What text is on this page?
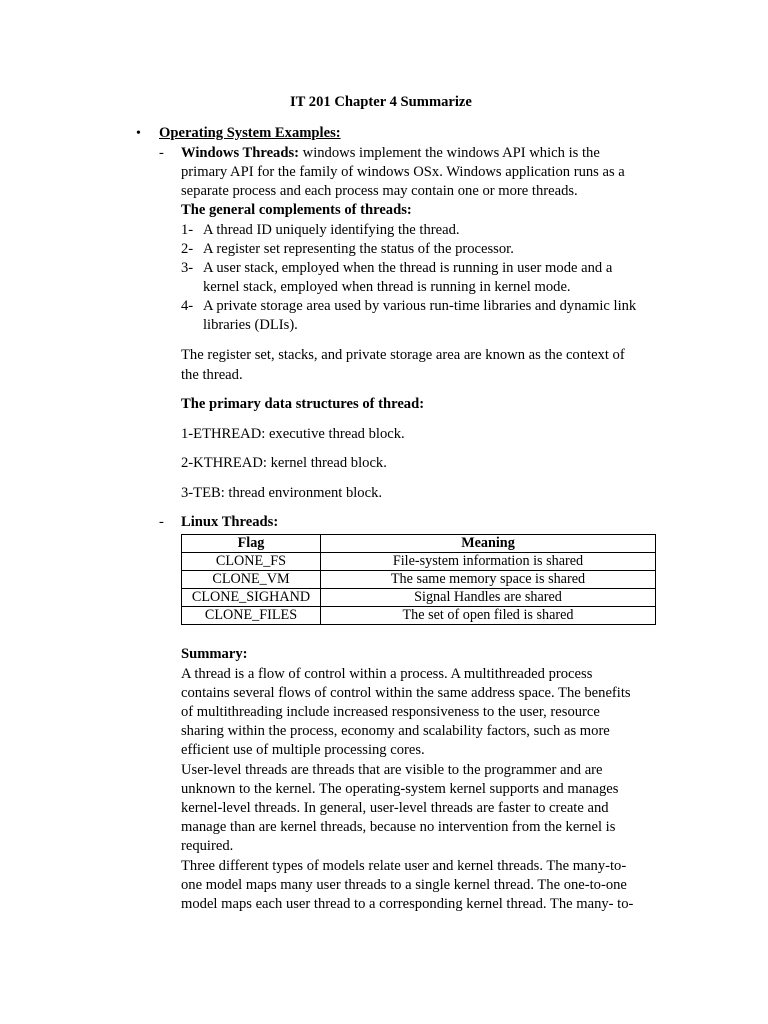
IT 201 Chapter 4 Summarize
• Operating System Examples:
- Windows Threads: windows implement the windows API which is the
primary API for the family of windows OSx. Windows application runs as a
separate process and each process may contain one or more threads.
The general complements of threads:
1- A thread ID uniquely identifying the thread.
2- A register set representing the status of the processor.
3- A user stack, employed when the thread is running in user mode and a
kernel stack, employed when thread is running in kernel mode.
4- A private storage area used by various run-time libraries and dynamic link
libraries (DLIs).
The register set, stacks, and private storage area are known as the context of
the thread.
The primary data structures of thread:
1-ETHREAD: executive thread block.
2-KTHREAD: kernel thread block.
3-TEB: thread environment block.
- Linux Threads:
Flag	Meaning
CLONE_FS	File-system information is shared
CLONE_VM	The same memory space is shared
CLONE_SIGHAND	Signal Handles are shared
CLONE_FILES	The set of open filed is shared
Summary:
A thread is a flow of control within a process. A multithreaded process
contains several flows of control within the same address space. The benefits
of multithreading include increased responsiveness to the user, resource
sharing within the process, economy and scalability factors, such as more
efficient use of multiple processing cores.
User-level threads are threads that are visible to the programmer and are
unknown to the kernel. The operating-system kernel supports and manages
kernel-level threads. In general, user-level threads are faster to create and
manage than are kernel threads, because no intervention from the kernel is
required.
Three different types of models relate user and kernel threads. The many-to-
one model maps many user threads to a single kernel thread. The one-to-one
model maps each user thread to a corresponding kernel thread. The many- to-
